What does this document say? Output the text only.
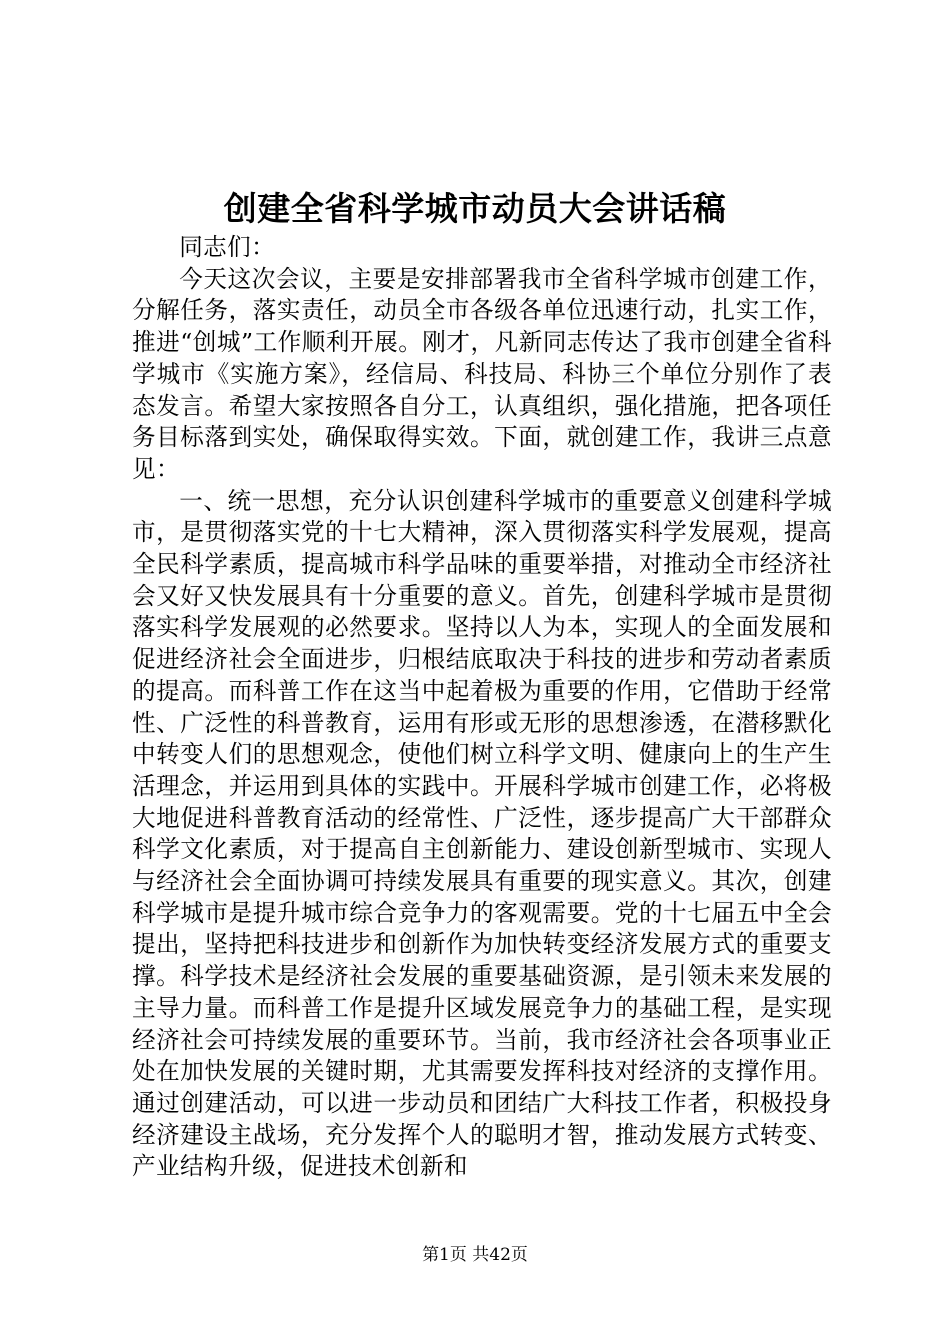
创建全省科学城市动员大会讲话稿

同志们：

今天这次会议，主要是安排部署我市全省科学城市创建工作，分解任务，落实责任，动员全市各级各单位迅速行动，扎实工作，推进“创城”工作顺利开展。刚才，凡新同志传达了我市创建全省科学城市《实施方案》，经信局、科技局、科协三个单位分别作了表态发言。希望大家按照各自分工，认真组织，强化措施，把各项任务目标落到实处，确保取得实效。下面，就创建工作，我讲三点意见：

一、统一思想，充分认识创建科学城市的重要意义创建科学城市，是贯彻落实党的十七大精神，深入贯彻落实科学发展观，提高全民科学素质，提高城市科学品味的重要举措，对推动全市经济社会又好又快发展具有十分重要的意义。首先，创建科学城市是贯彻落实科学发展观的必然要求。坚持以人为本，实现人的全面发展和促进经济社会全面进步，归根结底取决于科技的进步和劳动者素质的提高。而科普工作在这当中起着极为重要的作用，它借助于经常性、广泛性的科普教育，运用有形或无形的思想渗透，在潜移默化中转变人们的思想观念，使他们树立科学文明、健康向上的生产生活理念，并运用到具体的实践中。开展科学城市创建工作，必将极大地促进科普教育活动的经常性、广泛性，逐步提高广大干部群众科学文化素质，对于提高自主创新能力、建设创新型城市、实现人与经济社会全面协调可持续发展具有重要的现实意义。其次，创建科学城市是提升城市综合竞争力的客观需要。党的十七届五中全会提出，坚持把科技进步和创新作为加快转变经济发展方式的重要支撑。科学技术是经济社会发展的重要基础资源，是引领未来发展的主导力量。而科普工作是提升区域发展竞争力的基础工程，是实现经济社会可持续发展的重要环节。当前，我市经济社会各项事业正处在加快发展的关键时期，尤其需要发挥科技对经济的支撑作用。通过创建活动，可以进一步动员和团结广大科技工作者，积极投身经济建设主战场，充分发挥个人的聪明才智，推动发展方式转变、产业结构升级，促进技术创新和

第1页 共42页
